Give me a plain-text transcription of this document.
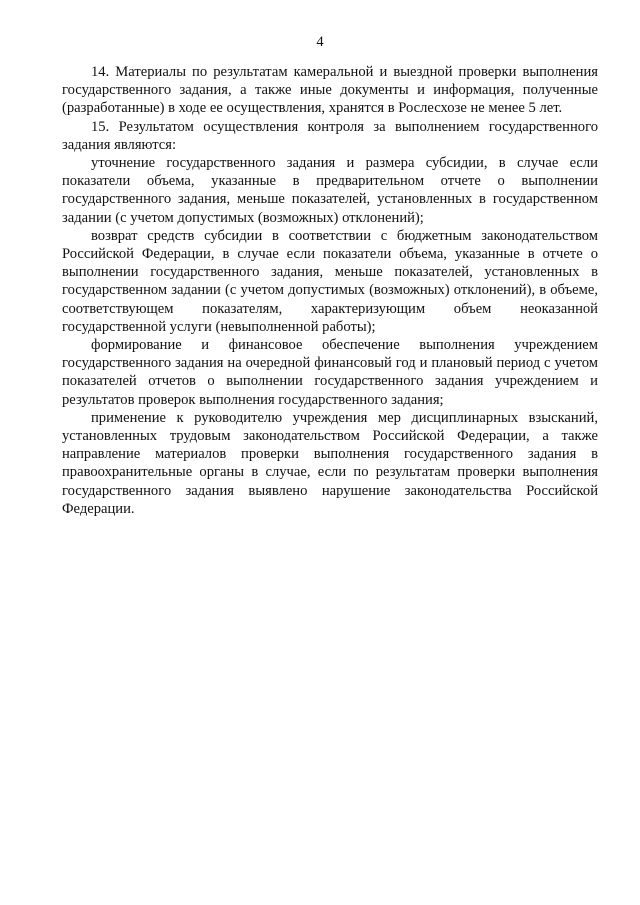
4

14. Материалы по результатам камеральной и выездной проверки выполнения государственного задания, а также иные документы и информация, полученные (разработанные) в ходе ее осуществления, хранятся в Рослесхозе не менее 5 лет.

15. Результатом осуществления контроля за выполнением государственного задания являются:

уточнение государственного задания и размера субсидии, в случае если показатели объема, указанные в предварительном отчете о выполнении государственного задания, меньше показателей, установленных в государственном задании (с учетом допустимых (возможных) отклонений);

возврат средств субсидии в соответствии с бюджетным законодательством Российской Федерации, в случае если показатели объема, указанные в отчете о выполнении государственного задания, меньше показателей, установленных в государственном задании (с учетом допустимых (возможных) отклонений), в объеме, соответствующем показателям, характеризующим объем неоказанной государственной услуги (невыполненной работы);

формирование и финансовое обеспечение выполнения учреждением государственного задания на очередной финансовый год и плановый период с учетом показателей отчетов о выполнении государственного задания учреждением и результатов проверок выполнения государственного задания;

применение к руководителю учреждения мер дисциплинарных взысканий, установленных трудовым законодательством Российской Федерации, а также направление материалов проверки выполнения государственного задания в правоохранительные органы в случае, если по результатам проверки выполнения государственного задания выявлено нарушение законодательства Российской Федерации.
